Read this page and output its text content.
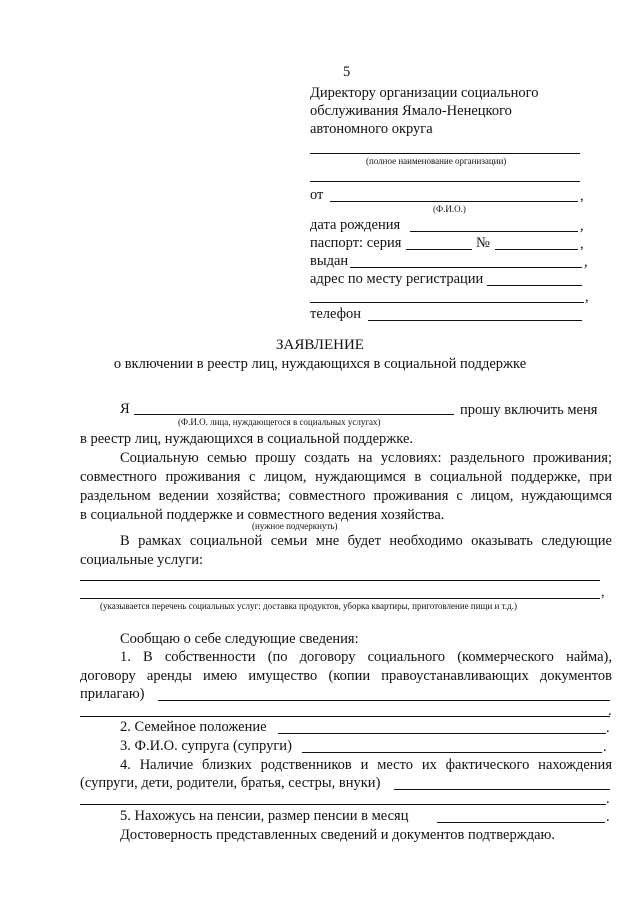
5
Директору организации социального
обслуживания Ямало-Ненецкого
автономного округа
(полное наименование организации)
от	,
(Ф.И.О.)
дата рождения	,
паспорт: серия	№	,
выдан	,
адрес по месту регистрации
,
телефон
ЗАЯВЛЕНИЕ
о включении в реестр лиц, нуждающихся в социальной поддержке
Я	прошу включить меня
(Ф.И.О. лица, нуждающегося в социальных услугах)
в реестр лиц, нуждающихся в социальной поддержке.
Социальную семью прошу создать на условиях: раздельного проживания;
совместного проживания с лицом, нуждающимся в социальной поддержке, при
раздельном ведении хозяйства; совместного проживания с лицом, нуждающимся
в социальной поддержке и совместного ведения хозяйства.
(нужное подчеркнуть)
В рамках социальной семьи мне будет необходимо оказывать следующие
социальные услуги:
,
(указывается перечень социальных услуг: доставка продуктов, уборка квартиры, приготовление пищи и т.д.)
Сообщаю о себе следующие сведения:
1. В собственности (по договору социального (коммерческого найма),
договору аренды имею имущество (копии правоустанавливающих документов
прилагаю)
.
2. Семейное положение	.
3. Ф.И.О. супруга (супруги)	.
4. Наличие близких родственников и место их фактического нахождения
(супруги, дети, родители, братья, сестры, внуки)
.
5. Нахожусь на пенсии, размер пенсии в месяц	.
Достоверность представленных сведений и документов подтверждаю.
